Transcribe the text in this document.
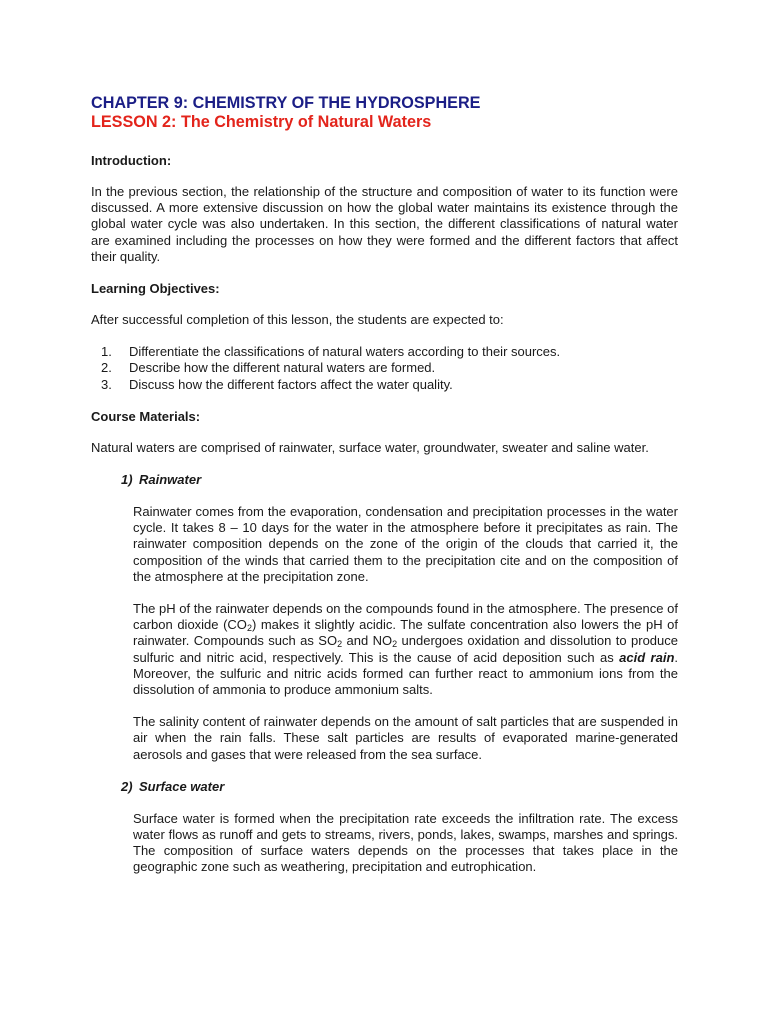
CHAPTER 9: CHEMISTRY OF THE HYDROSPHERE
LESSON 2: The Chemistry of Natural Waters
Introduction:

In the previous section, the relationship of the structure and composition of water to its function were discussed. A more extensive discussion on how the global water maintains its existence through the global water cycle was also undertaken. In this section, the different classifications of natural water are examined including the processes on how they were formed and the different factors that affect their quality.

Learning Objectives:

After successful completion of this lesson, the students are expected to:

1. Differentiate the classifications of natural waters according to their sources.
2. Describe how the different natural waters are formed.
3. Discuss how the different factors affect the water quality.
Course Materials:

Natural waters are comprised of rainwater, surface water, groundwater, sweater and saline water.

1) Rainwater

Rainwater comes from the evaporation, condensation and precipitation processes in the water cycle. It takes 8 – 10 days for the water in the atmosphere before it precipitates as rain. The rainwater composition depends on the zone of the origin of the clouds that carried it, the composition of the winds that carried them to the precipitation cite and on the composition of the atmosphere at the precipitation zone.

The pH of the rainwater depends on the compounds found in the atmosphere. The presence of carbon dioxide $(CO_2)$ makes it slightly acidic. The sulfate concentration also lowers the pH of rainwater. Compounds such as $SO_2$ and $NO_2$ undergoes oxidation and dissolution to produce sulfuric and nitric acid, respectively. This is the cause of acid deposition such as acid rain. Moreover, the sulfuric and nitric acids formed can further react to ammonium ions from the dissolution of ammonia to produce ammonium salts.

The salinity content of rainwater depends on the amount of salt particles that are suspended in air when the rain falls. These salt particles are results of evaporated marine-generated aerosols and gases that were released from the sea surface.

2) Surface water

Surface water is formed when the precipitation rate exceeds the infiltration rate. The excess water flows as runoff and gets to streams, rivers, ponds, lakes, swamps, marshes and springs. The composition of surface waters depends on the processes that takes place in the geographic zone such as weathering, precipitation and eutrophication.
